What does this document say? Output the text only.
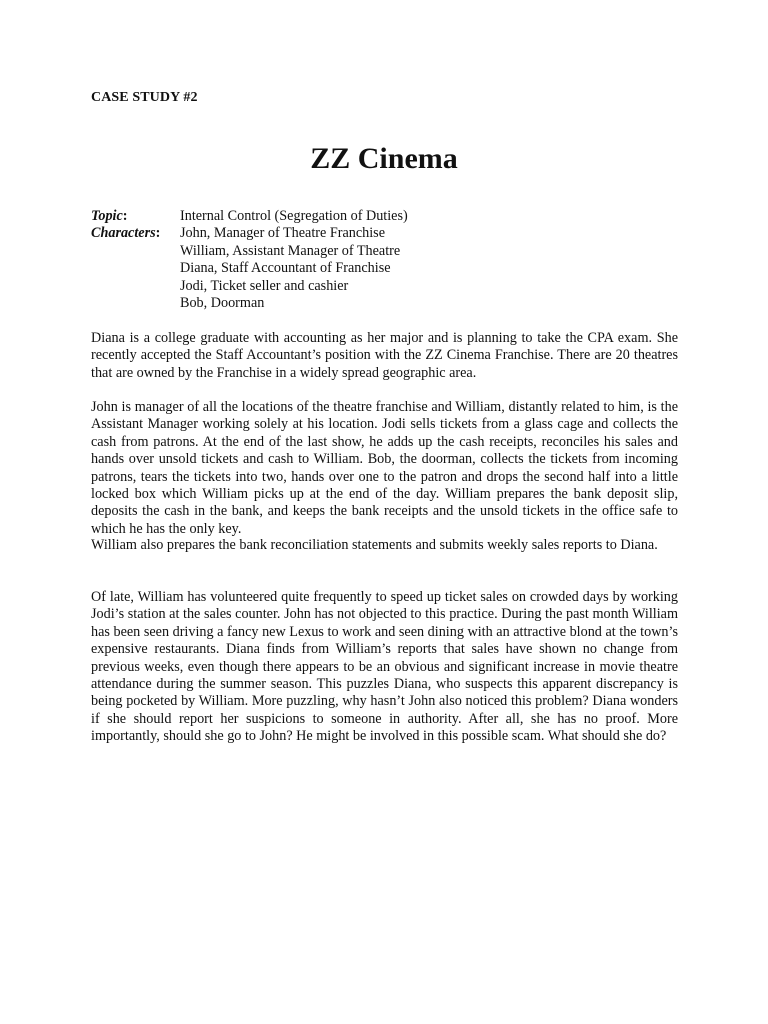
CASE STUDY #2
ZZ Cinema
Topic:	Internal Control (Segregation of Duties)
Characters:	John, Manager of Theatre Franchise
William, Assistant Manager of Theatre
Diana, Staff Accountant of Franchise
Jodi, Ticket seller and cashier
Bob, Doorman

Diana is a college graduate with accounting as her major and is planning to take the CPA exam. She recently accepted the Staff Accountant’s position with the ZZ Cinema Franchise. There are 20 theatres that are owned by the Franchise in a widely spread geographic area.

John is manager of all the locations of the theatre franchise and William, distantly related to him, is the Assistant Manager working solely at his location. Jodi sells tickets from a glass cage and collects the cash from patrons. At the end of the last show, he adds up the cash receipts, reconciles his sales and hands over unsold tickets and cash to William. Bob, the doorman, collects the tickets from incoming patrons, tears the tickets into two, hands over one to the patron and drops the second half into a little locked box which William picks up at the end of the day. William prepares the bank deposit slip, deposits the cash in the bank, and keeps the bank receipts and the unsold tickets in the office safe to which he has the only key.

William also prepares the bank reconciliation statements and submits weekly sales reports to Diana.

Of late, William has volunteered quite frequently to speed up ticket sales on crowded days by working Jodi’s station at the sales counter. John has not objected to this practice. During the past month William has been seen driving a fancy new Lexus to work and seen dining with an attractive blond at the town’s expensive restaurants. Diana finds from William’s reports that sales have shown no change from previous weeks, even though there appears to be an obvious and significant increase in movie theatre attendance during the summer season. This puzzles Diana, who suspects this apparent discrepancy is being pocketed by William. More puzzling, why hasn’t John also noticed this problem? Diana wonders if she should report her suspicions to someone in authority. After all, she has no proof. More importantly, should she go to John? He might be involved in this possible scam. What should she do?
